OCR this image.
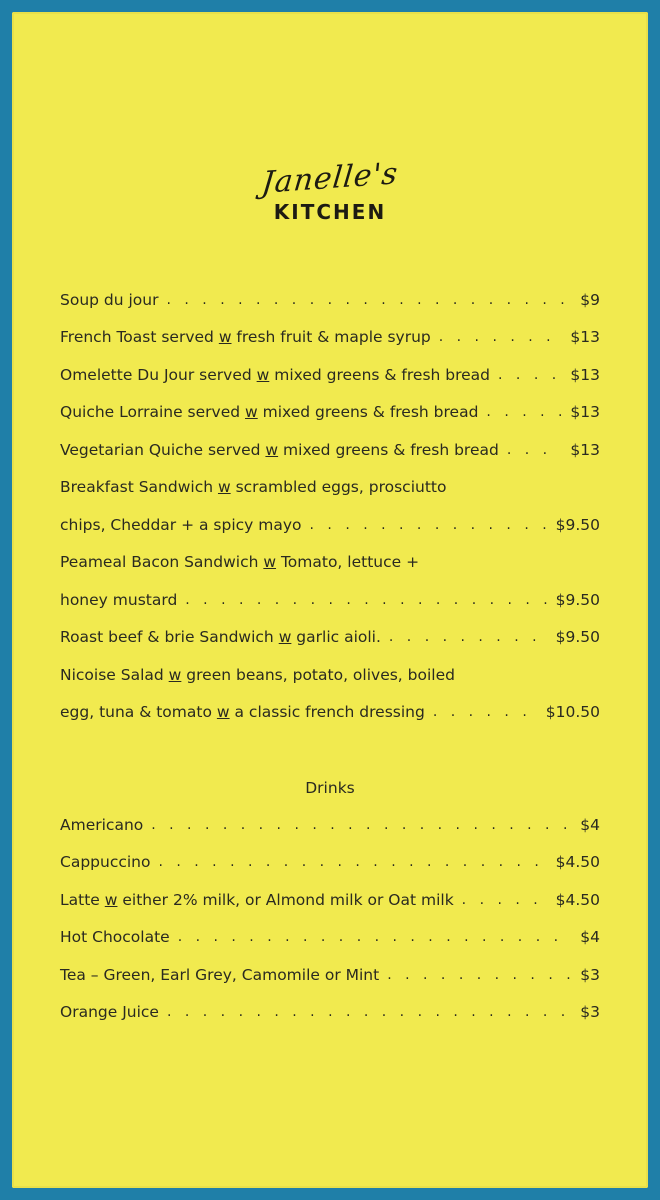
Janelle's
KITCHEN
Soup du jour . . .	$9
French Toast served w fresh fruit & maple syrup . . .	$13
Omelette Du Jour served w mixed greens & fresh bread . . .	$13
Quiche Lorraine served w mixed greens & fresh bread . . .	$13
Vegetarian Quiche served w mixed greens & fresh bread . . .	$13
Breakfast Sandwich w scrambled eggs, prosciutto
chips, Cheddar + a spicy mayo . . .	$9.50
Peameal Bacon Sandwich w Tomato, lettuce +
honey mustard . . .	$9.50
Roast beef & brie Sandwich w garlic aioli. . . .	$9.50
Nicoise Salad w green beans, potato, olives, boiled
egg, tuna & tomato w a classic french dressing . . .	$10.50
Drinks
Americano . . .	$4
Cappuccino . . .	$4.50
Latte w either 2% milk, or Almond milk or Oat milk . . .	$4.50
Hot Chocolate . . .	$4
Tea – Green, Earl Grey, Camomile or Mint . . .	$3
Orange Juice . . .	$3
